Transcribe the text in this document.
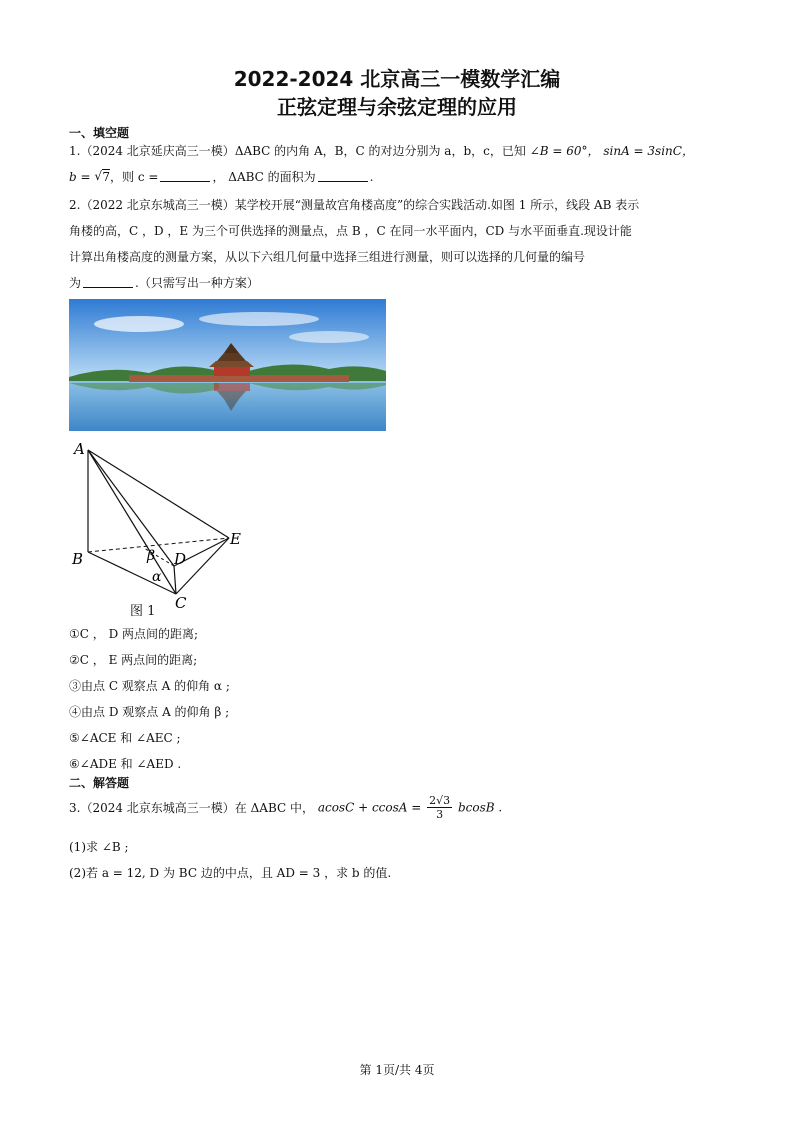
2022-2024 北京高三一模数学汇编
正弦定理与余弦定理的应用
一、填空题
1.（2024 北京延庆高三一模）ΔABC 的内角 A，B，C 的对边分别为 a，b，c，已知 ∠B = 60°， sinA = 3sinC，
b = √ 7，则 c =	， ΔABC 的面积为	.
2.（2022 北京东城高三一模）某学校开展“测量故宫角楼高度”的综合实践活动.如图 1 所示，线段 AB 表示
角楼的高，C ，D ，E 为三个可供选择的测量点，点 B ，C 在同一水平面内，CD 与水平面垂直.现设计能
计算出角楼高度的测量方案，从以下六组几何量中选择三组进行测量，则可以选择的几何量的编号
为	.（只需写出一种方案）
A
B
C
D
E
α
β
图 1
①C ， D 两点间的距离;
②C ， E 两点间的距离;
③由点 C 观察点 A 的仰角 α ;
④由点 D 观察点 A 的仰角 β ;
⑤∠ACE 和 ∠AEC ;
⑥∠ADE 和 ∠AED .
二、解答题
3.（2024 北京东城高三一模）在 ΔABC 中， $acosC + ccosA = \frac{2√3}{3}$ bcosB .
(1)求 ∠B ;
(2)若 a = 12, D 为 BC 边的中点，且 AD = 3 ，求 b 的值.
第 1页/共 4页
